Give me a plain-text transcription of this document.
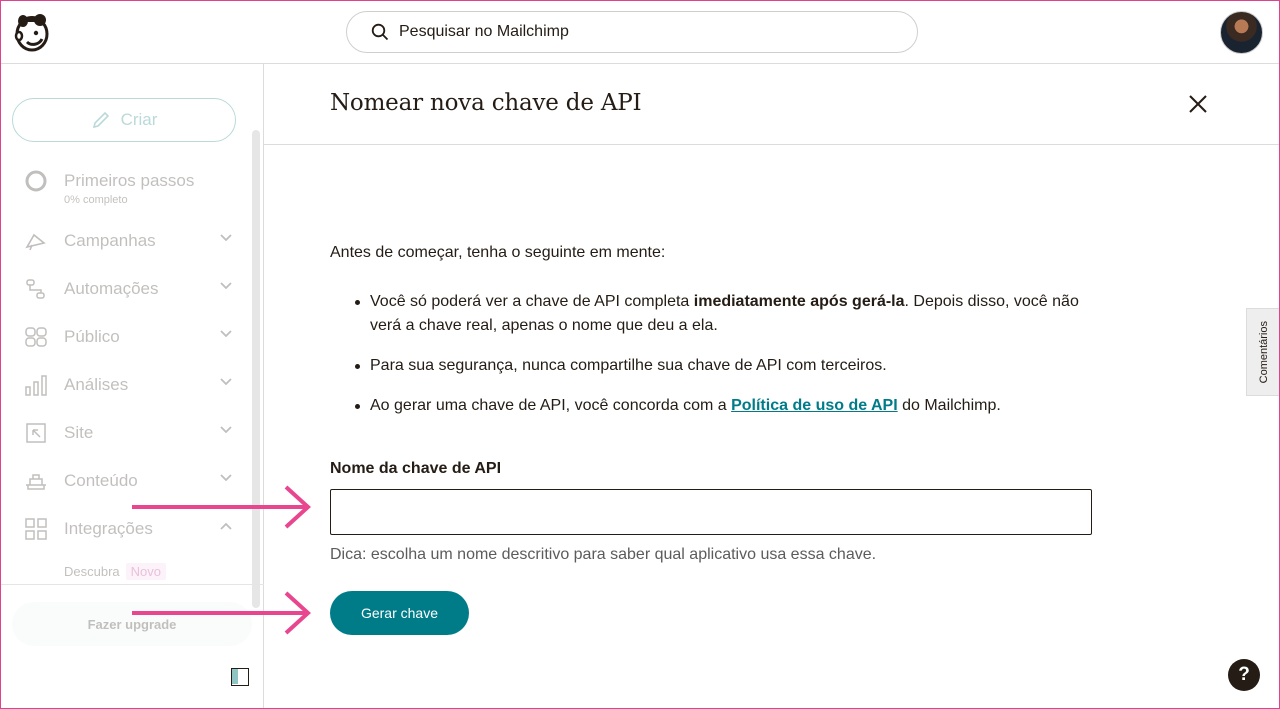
Pesquisar no Mailchimp
Criar
Primeiros passos
0% completo
Campanhas
Automações
Público
Análises
Site
Conteúdo
Integrações
Descubra Novo
Fazer upgrade
Nomear nova chave de API
Antes de começar, tenha o seguinte em mente:
Você só poderá ver a chave de API completa imediatamente após gerá-la. Depois disso, você não verá a chave real, apenas o nome que deu a ela.
Para sua segurança, nunca compartilhe sua chave de API com terceiros.
Ao gerar uma chave de API, você concorda com a Política de uso de API do Mailchimp.
Nome da chave de API
Dica: escolha um nome descritivo para saber qual aplicativo usa essa chave.
Gerar chave
Comentários
?
